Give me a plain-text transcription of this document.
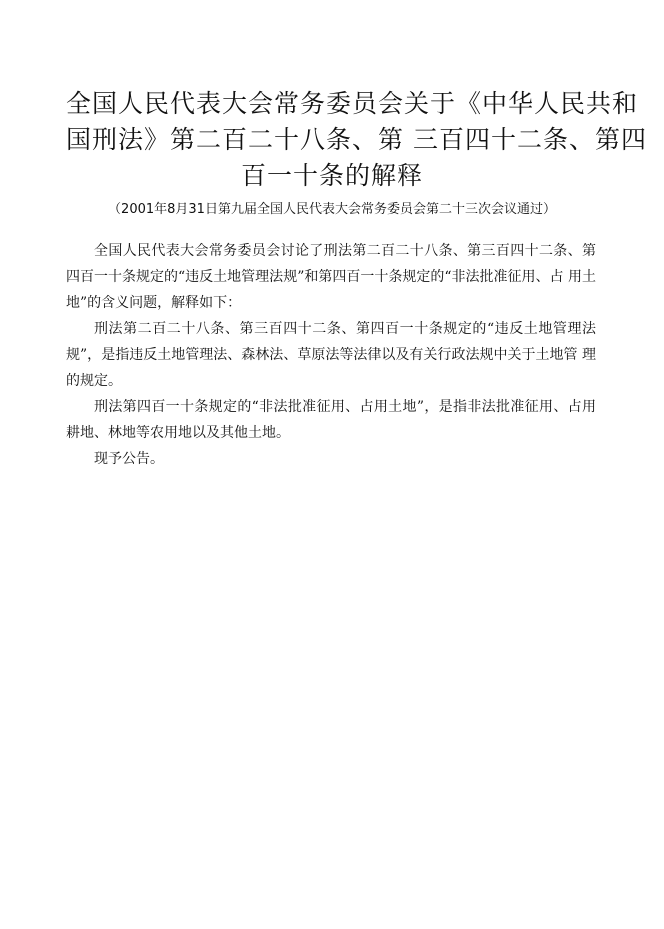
全国人民代表大会常务委员会关于《中华人民共和
国刑法》第二百二十八条、第 三百四十二条、第四
百一十条的解释

（2001年8月31日第九届全国人民代表大会常务委员会第二十三次会议通过）

全国人民代表大会常务委员会讨论了刑法第二百二十八条、第三百四十二条、第四百一十条规定的“违反土地管理法规”和第四百一十条规定的“非法批准征用、占 用土地”的含义问题，解释如下：

刑法第二百二十八条、第三百四十二条、第四百一十条规定的“违反土地管理法规”，是指违反土地管理法、森林法、草原法等法律以及有关行政法规中关于土地管 理的规定。

刑法第四百一十条规定的“非法批准征用、占用土地”，是指非法批准征用、占用 耕地、林地等农用地以及其他土地。

现予公告。
